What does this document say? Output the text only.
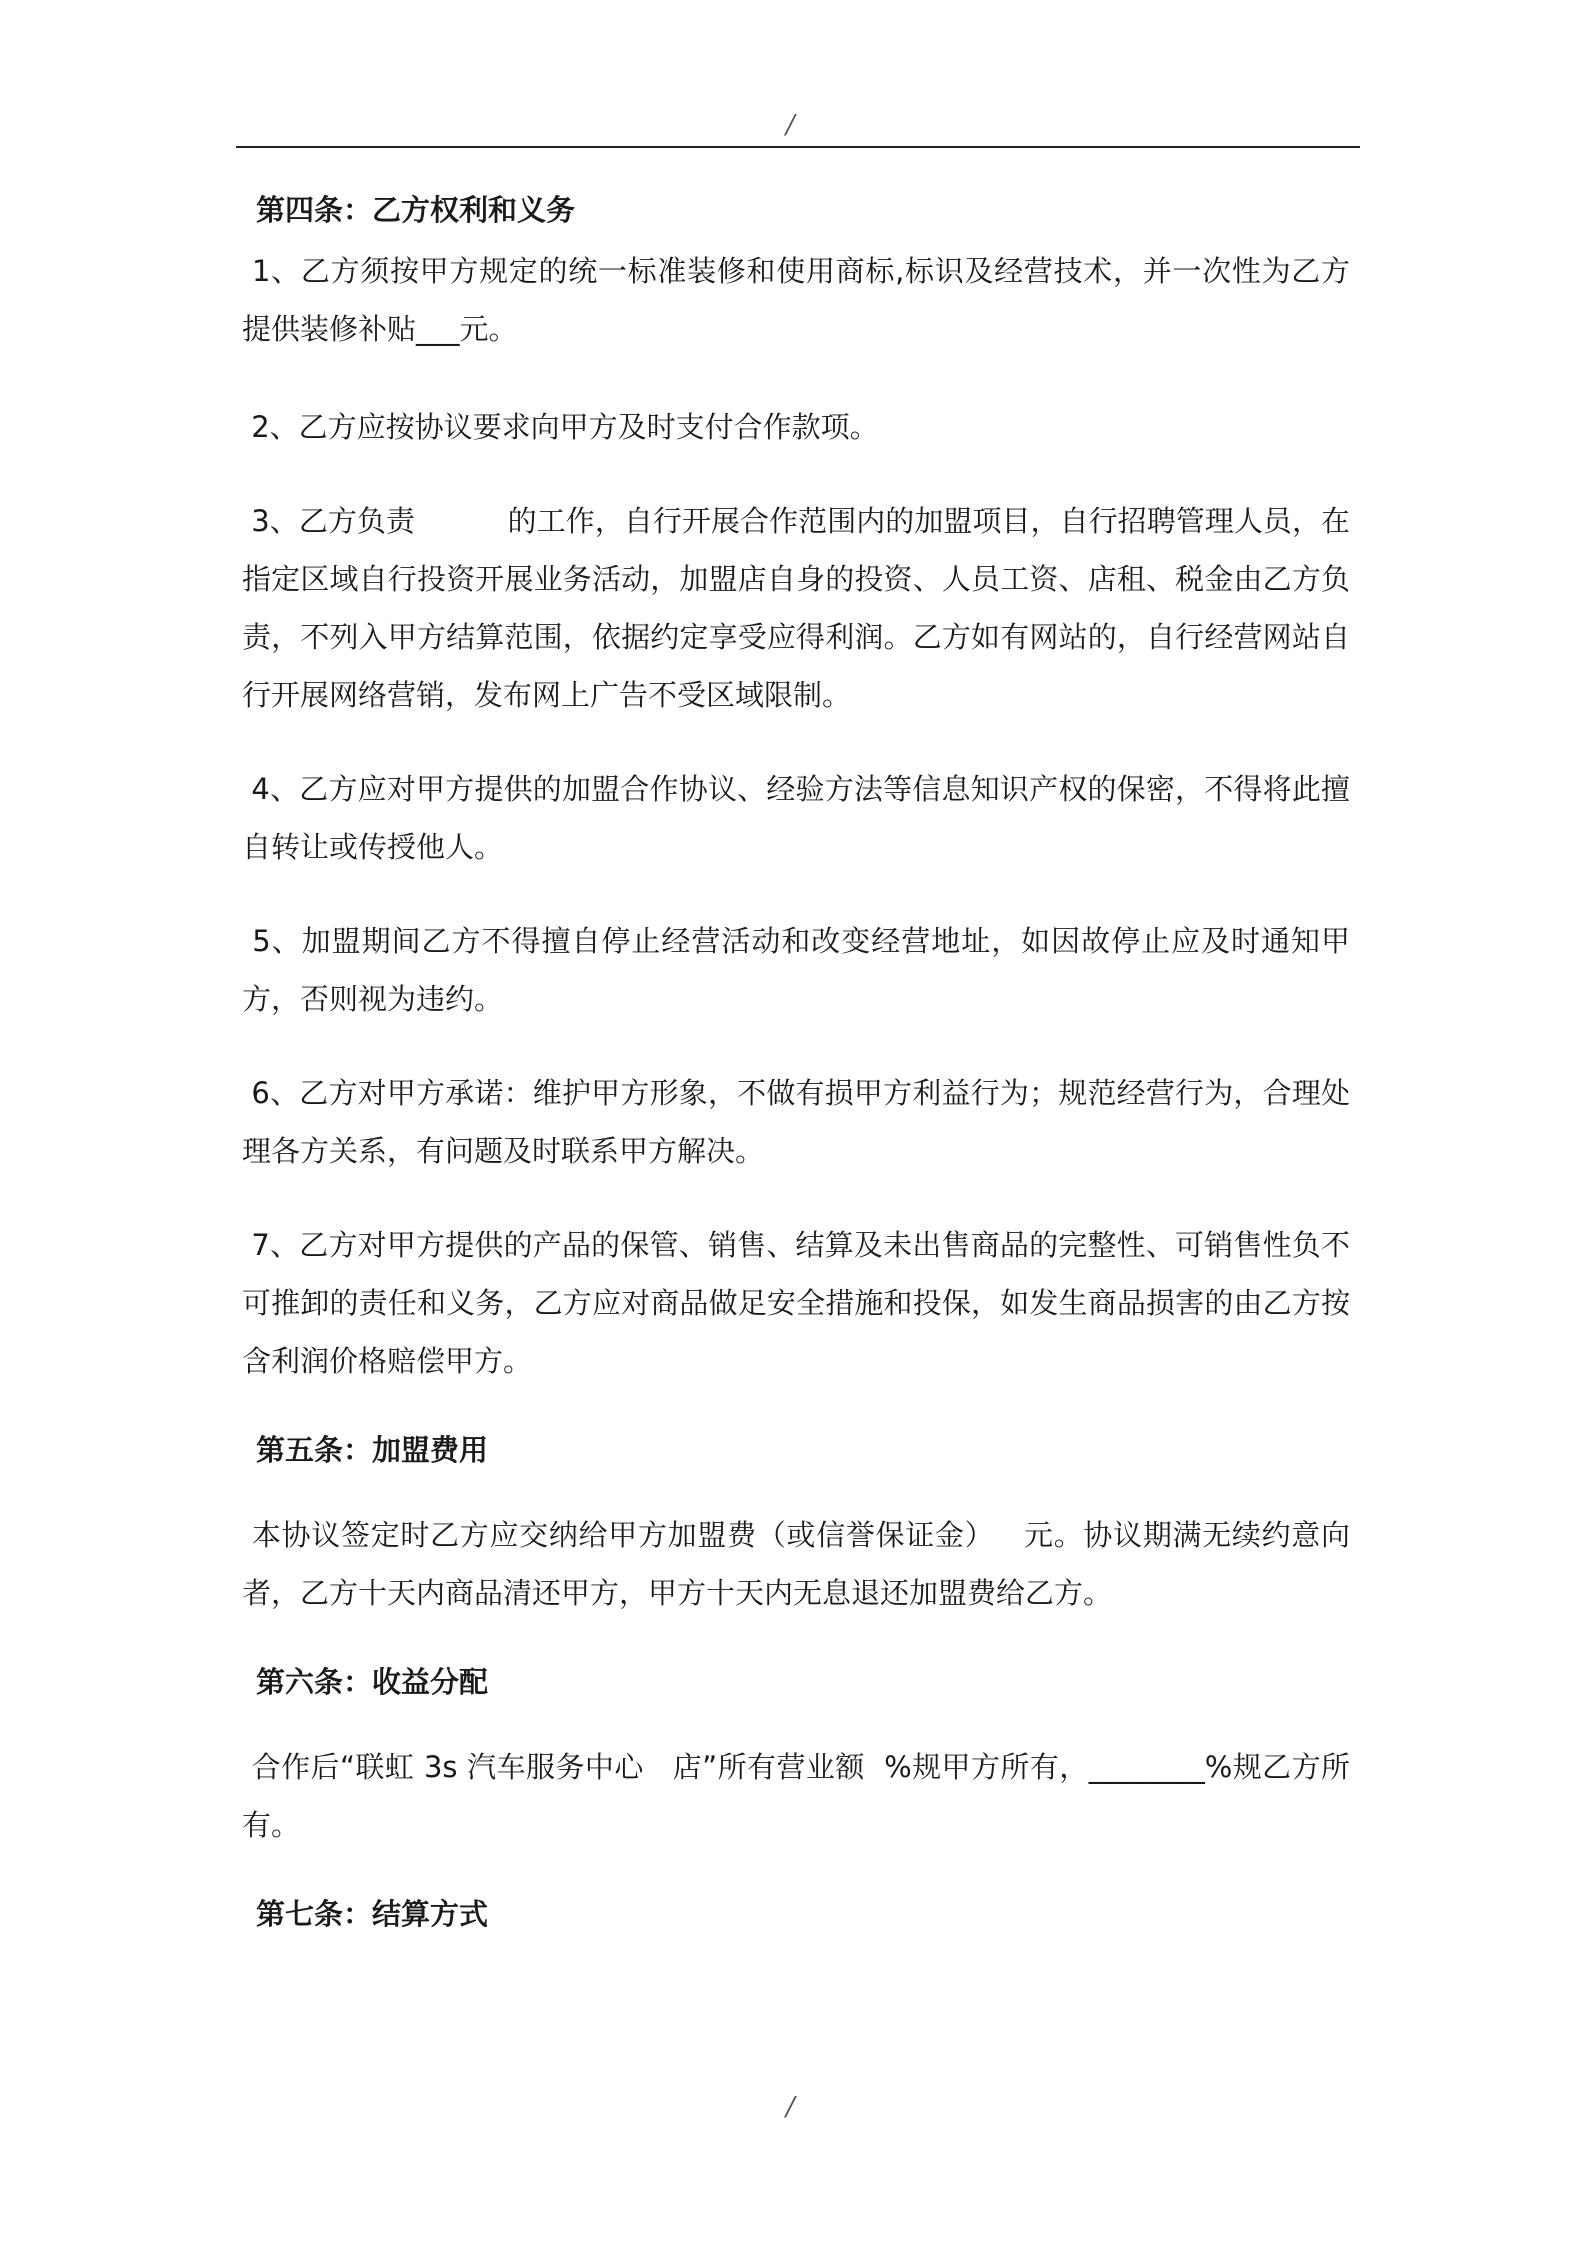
/

第四条：乙方权利和义务

1、乙方须按甲方规定的统一标准装修和使用商标,标识及经营技术，并一次性为乙方提供装修补贴___元。

2、乙方应按协议要求向甲方及时支付合作款项。

3、乙方负责          的工作，自行开展合作范围内的加盟项目，自行招聘管理人员，在指定区域自行投资开展业务活动，加盟店自身的投资、人员工资、店租、税金由乙方负责，不列入甲方结算范围，依据约定享受应得利润。乙方如有网站的，自行经营网站自行开展网络营销，发布网上广告不受区域限制。

4、乙方应对甲方提供的加盟合作协议、经验方法等信息知识产权的保密，不得将此擅自转让或传授他人。

5、加盟期间乙方不得擅自停止经营活动和改变经营地址，如因故停止应及时通知甲方，否则视为违约。

6、乙方对甲方承诺：维护甲方形象，不做有损甲方利益行为；规范经营行为，合理处理各方关系，有问题及时联系甲方解决。

7、乙方对甲方提供的产品的保管、销售、结算及未出售商品的完整性、可销售性负不可推卸的责任和义务，乙方应对商品做足安全措施和投保，如发生商品损害的由乙方按含利润价格赔偿甲方。

第五条：加盟费用

本协议签定时乙方应交纳给甲方加盟费（或信誉保证金）   元。协议期满无续约意向者，乙方十天内商品清还甲方，甲方十天内无息退还加盟费给乙方。

第六条：收益分配

合作后“联虹 3s 汽车服务中心   店”所有营业额  %规甲方所有，________%规乙方所有。

第七条：结算方式

/
